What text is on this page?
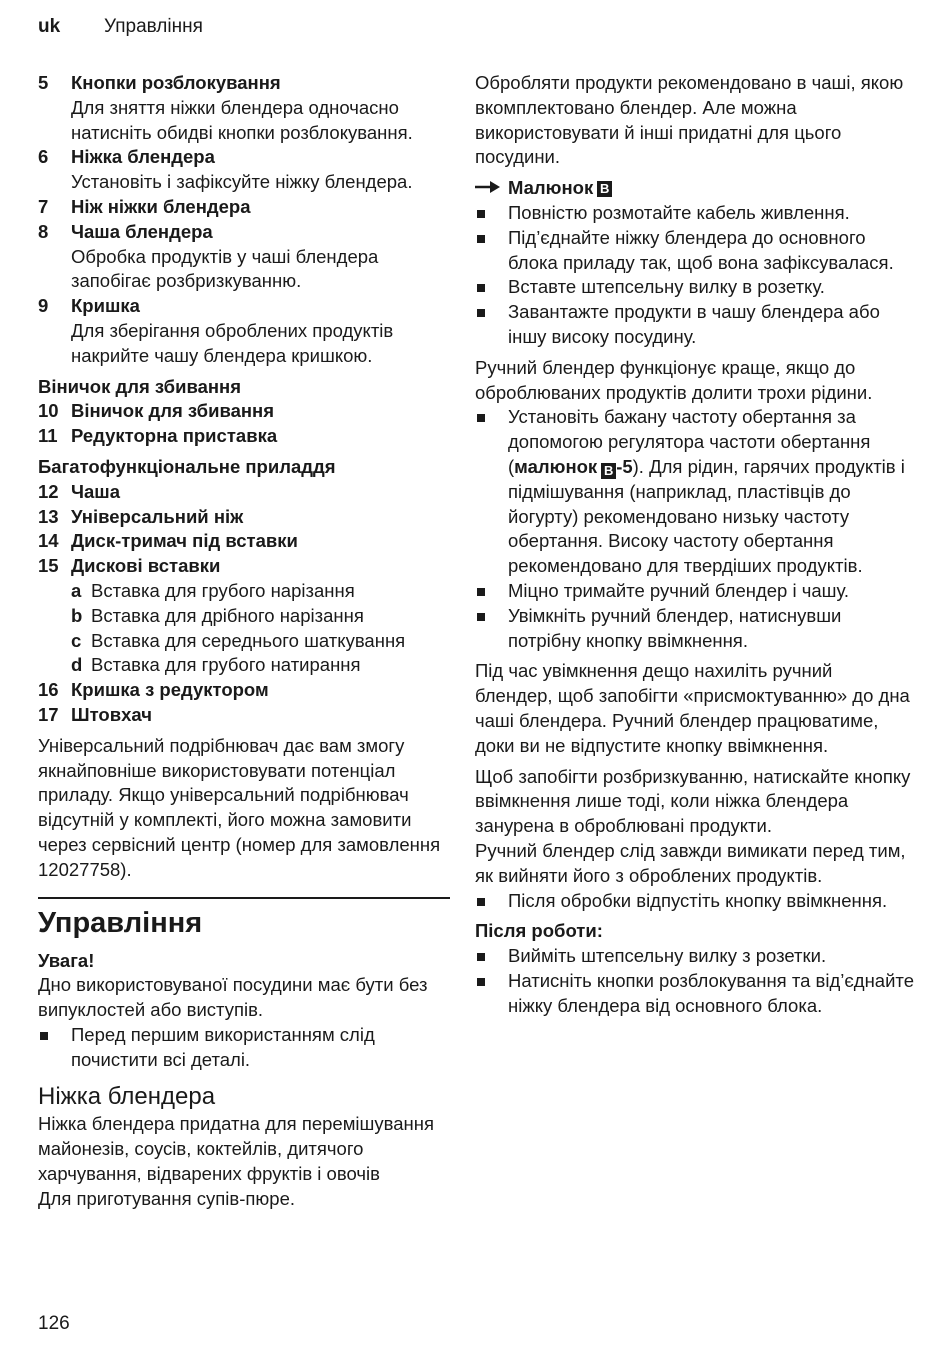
uk Управління
5	Кнопки розблокування
Для зняття ніжки блендера одночасно натисніть обидві кнопки розблокування.
6	Ніжка блендера
Установіть і зафіксуйте ніжку блендера.
7	Ніж ніжки блендера
8	Чаша блендера
Обробка продуктів у чаші блендера запобігає розбризкуванню.
9	Кришка
Для зберігання оброблених продуктів накрийте чашу блендера кришкою.

Віничок для збивання

10 Віничок для збивання
11 Редукторна приставка

Багатофункціональне приладдя

12 Чаша
13 Універсальний ніж
14 Диск-тримач під вставки
15 Дискові вставки
a Вставка для грубого нарізання
b Вставка для дрібного нарізання
c Вставка для середнього шаткування
d Вставка для грубого натирання
16 Кришка з редуктором
17 Штовхач

Універсальний подрібнювач дає вам змогу якнайповніше використовувати потенціал приладу. Якщо універсальний подрібнювач відсутній у комплекті, його можна замовити через сервісний центр (номер для замовлення 12027758).

Управління

Увага!

Дно використовуваної посудини має бути без випуклостей або виступів.

Перед першим використанням слід почистити всі деталі.
Ніжка блендера

Ніжка блендера придатна для перемішування майонезів, соусів, коктейлів, дитячого харчування, відварених фруктів і овочів

Для приготування супів-пюре.

Обробляти продукти рекомендовано в чаші, якою вкомплектовано блендер. Але можна використовувати й інші придатні для цього посудини.

Малюнок B
Повністю розмотайте кабель живлення.
Під’єднайте ніжку блендера до основного блока приладу так, щоб вона зафіксувалася.
Вставте штепсельну вилку в розетку.
Завантажте продукти в чашу блендера або іншу високу посудину.

Ручний блендер функціонує краще, якщо до оброблюваних продуктів долити трохи рідини.

Установіть бажану частоту обертання за допомогою регулятора частоти обертання (малюнок B -5). Для рідин, гарячих продуктів і підмішування (наприклад, пластівців до йогурту) рекомендовано низьку частоту обертання. Високу частоту обертання рекомендовано для твердіших продуктів.
Міцно тримайте ручний блендер і чашу.
Увімкніть ручний блендер, натиснувши потрібну кнопку ввімкнення.

Під час увімкнення дещо нахиліть ручний блендер, щоб запобігти «присмоктуванню» до дна чаші блендера. Ручний блендер працюватиме, доки ви не відпустите кнопку ввімкнення.

Щоб запобігти розбризкуванню, натискайте кнопку ввімкнення лише тоді, коли ніжка блендера занурена в оброблювані продукти.

Ручний блендер слід завжди вимикати перед тим, як вийняти його з оброблених продуктів.

Після обробки відпустіть кнопку ввімкнення.

Після роботи:

Вийміть штепсельну вилку з розетки.
Натисніть кнопки розблокування та від’єднайте ніжку блендера від основного блока.
126
